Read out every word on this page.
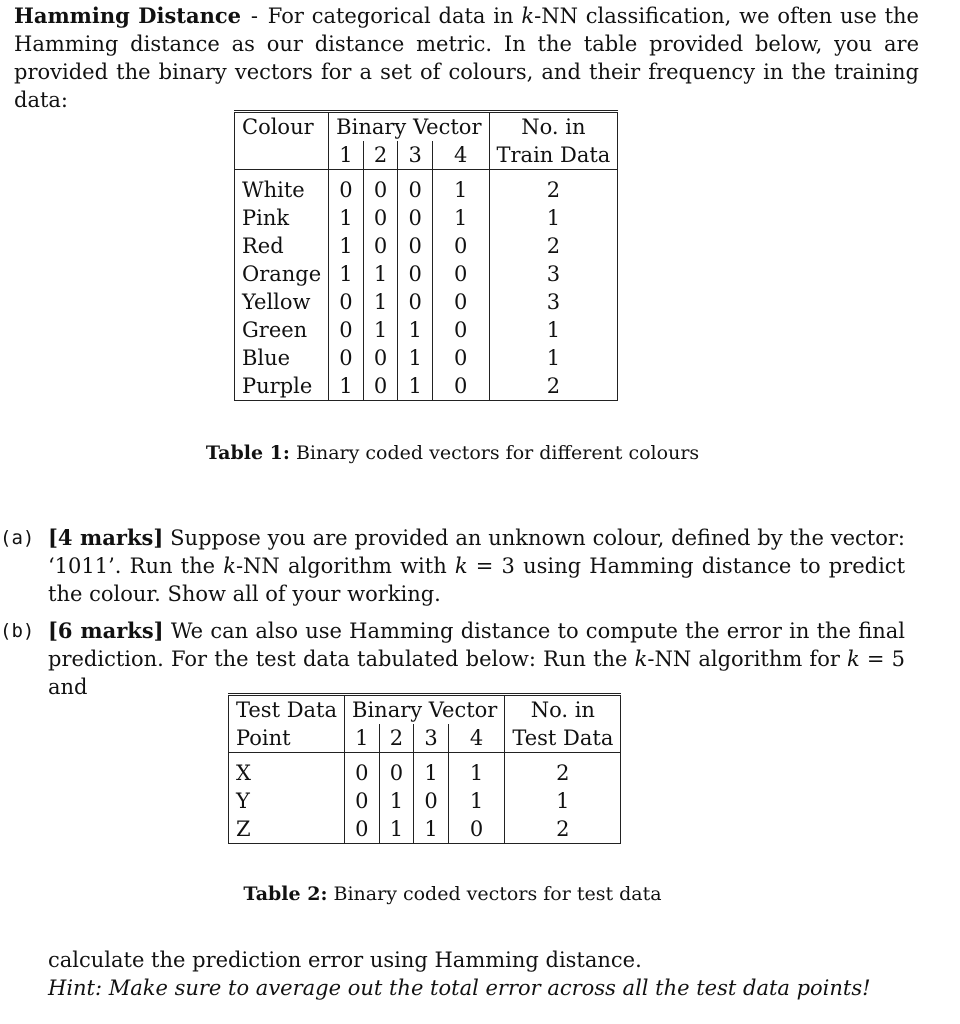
Hamming Distance - For categorical data in k-NN classification, we often use the Hamming distance as our distance metric. In the table provided below, you are provided the binary vectors for a set of colours, and their frequency in the training data:

Colour	Binary Vector				No. in
	1	2	3	4	Train Data

White	0	0	0	1	2
Pink	1	0	0	1	1
Red	1	0	0	0	2
Orange	1	1	0	0	3
Yellow	0	1	0	0	3
Green	0	1	1	0	1
Blue	0	0	1	0	1
Purple	1	0	1	0	2
Table 1: Binary coded vectors for different colours
(a) [4 marks] Suppose you are provided an unknown colour, defined by the vector: ‘1011’. Run the k-NN algorithm with k = 3 using Hamming distance to predict the colour. Show all of your working.
(b) [6 marks] We can also use Hamming distance to compute the error in the final prediction. For the test data tabulated below: Run the k-NN algorithm for k = 5 and
Test Data	Binary Vector				No. in
Point	1	2	3	4	Test Data

X	0	0	1	1	2
Y	0	1	0	1	1
Z	0	1	1	0	2
Table 2: Binary coded vectors for test data
calculate the prediction error using Hamming distance.
Hint: Make sure to average out the total error across all the test data points!
